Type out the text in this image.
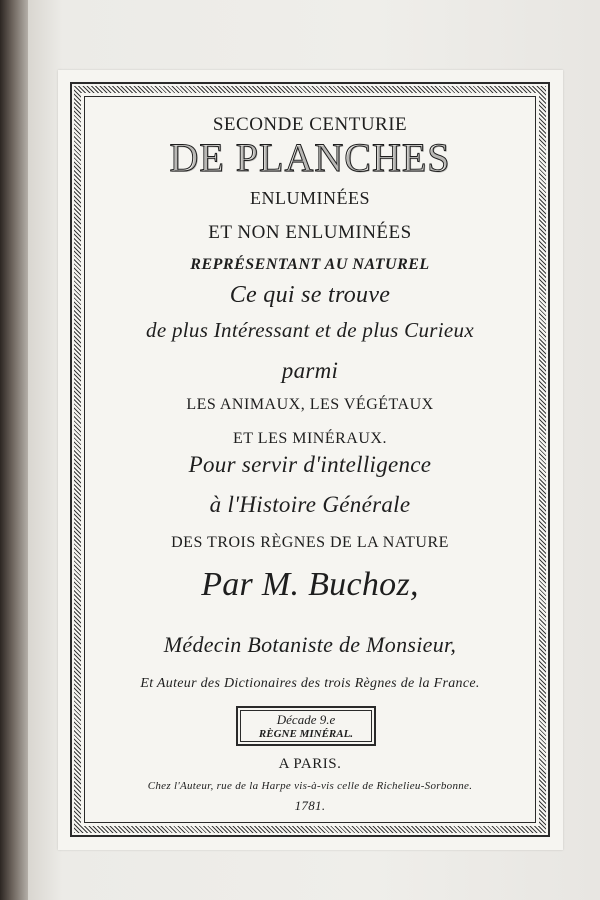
SECONDE CENTURIE
DE PLANCHES
ENLUMINÉES
ET NON ENLUMINÉES
REPRÉSENTANT AU NATUREL
Ce qui se trouve
de plus Intéressant et de plus Curieux
parmi
LES ANIMAUX, LES VÉGÉTAUX
ET LES MINÉRAUX.
Pour servir d'intelligence
à l'Histoire Générale
DES TROIS RÈGNES DE LA NATURE
Par M. Buchoz,
Médecin Botaniste de Monsieur,
Et Auteur des Dictionaires des trois Règnes de la France.
Décade 9.e
RÈGNE MINÉRAL.
A PARIS.
Chez l'Auteur, rue de la Harpe vis-à-vis celle de Richelieu-Sorbonne.
1781.
